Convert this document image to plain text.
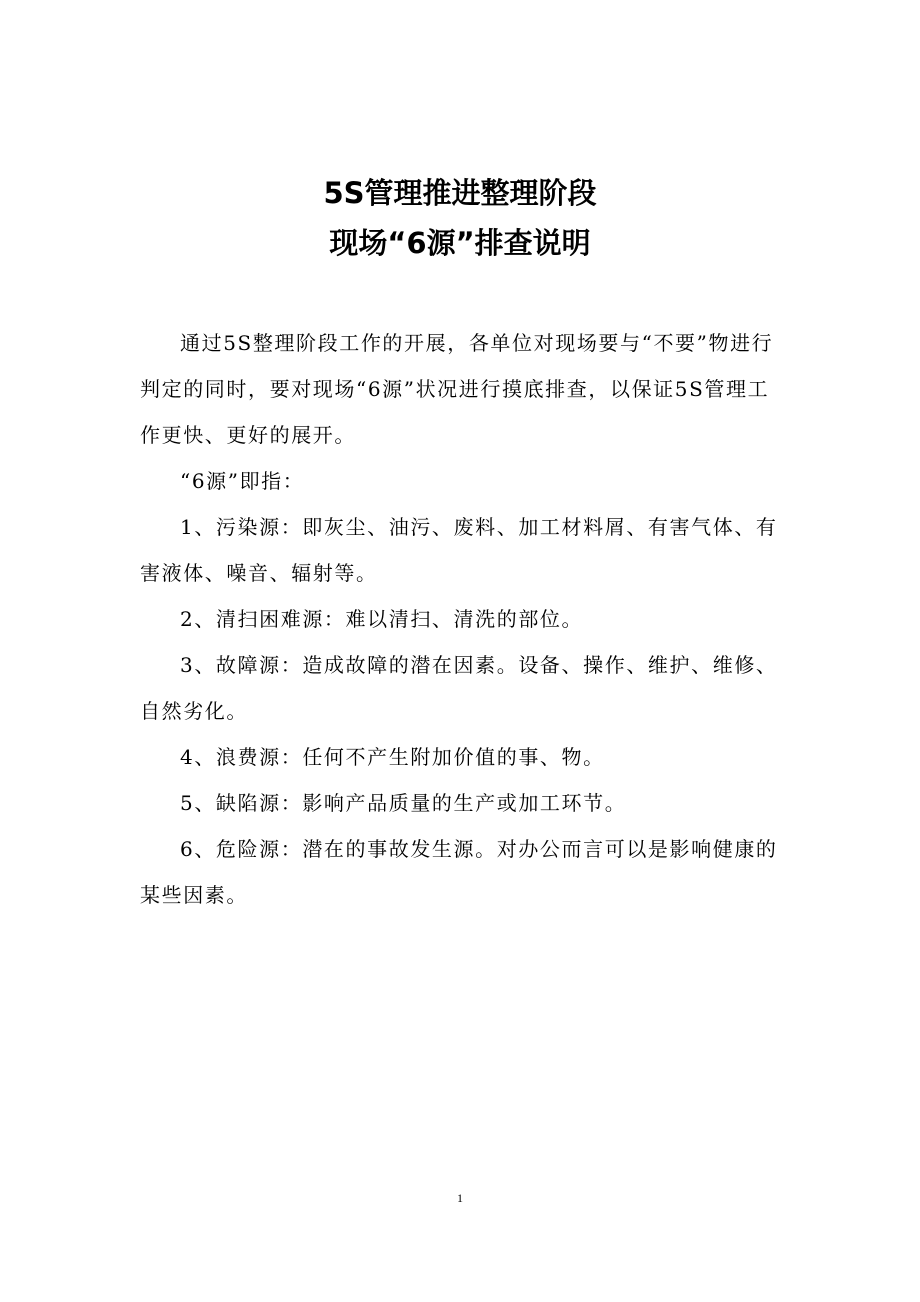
5S管理推进整理阶段
现场“6源”排查说明

通过5S整理阶段工作的开展，各单位对现场要与“不要”物进行判定的同时，要对现场“6源”状况进行摸底排查，以保证5S管理工作更快、更好的展开。

“6源”即指：

1、污染源：即灰尘、油污、废料、加工材料屑、有害气体、有害液体、噪音、辐射等。

2、清扫困难源：难以清扫、清洗的部位。

3、故障源：造成故障的潜在因素。设备、操作、维护、维修、自然劣化。

4、浪费源：任何不产生附加价值的事、物。

5、缺陷源：影响产品质量的生产或加工环节。

6、危险源：潜在的事故发生源。对办公而言可以是影响健康的某些因素。

1
